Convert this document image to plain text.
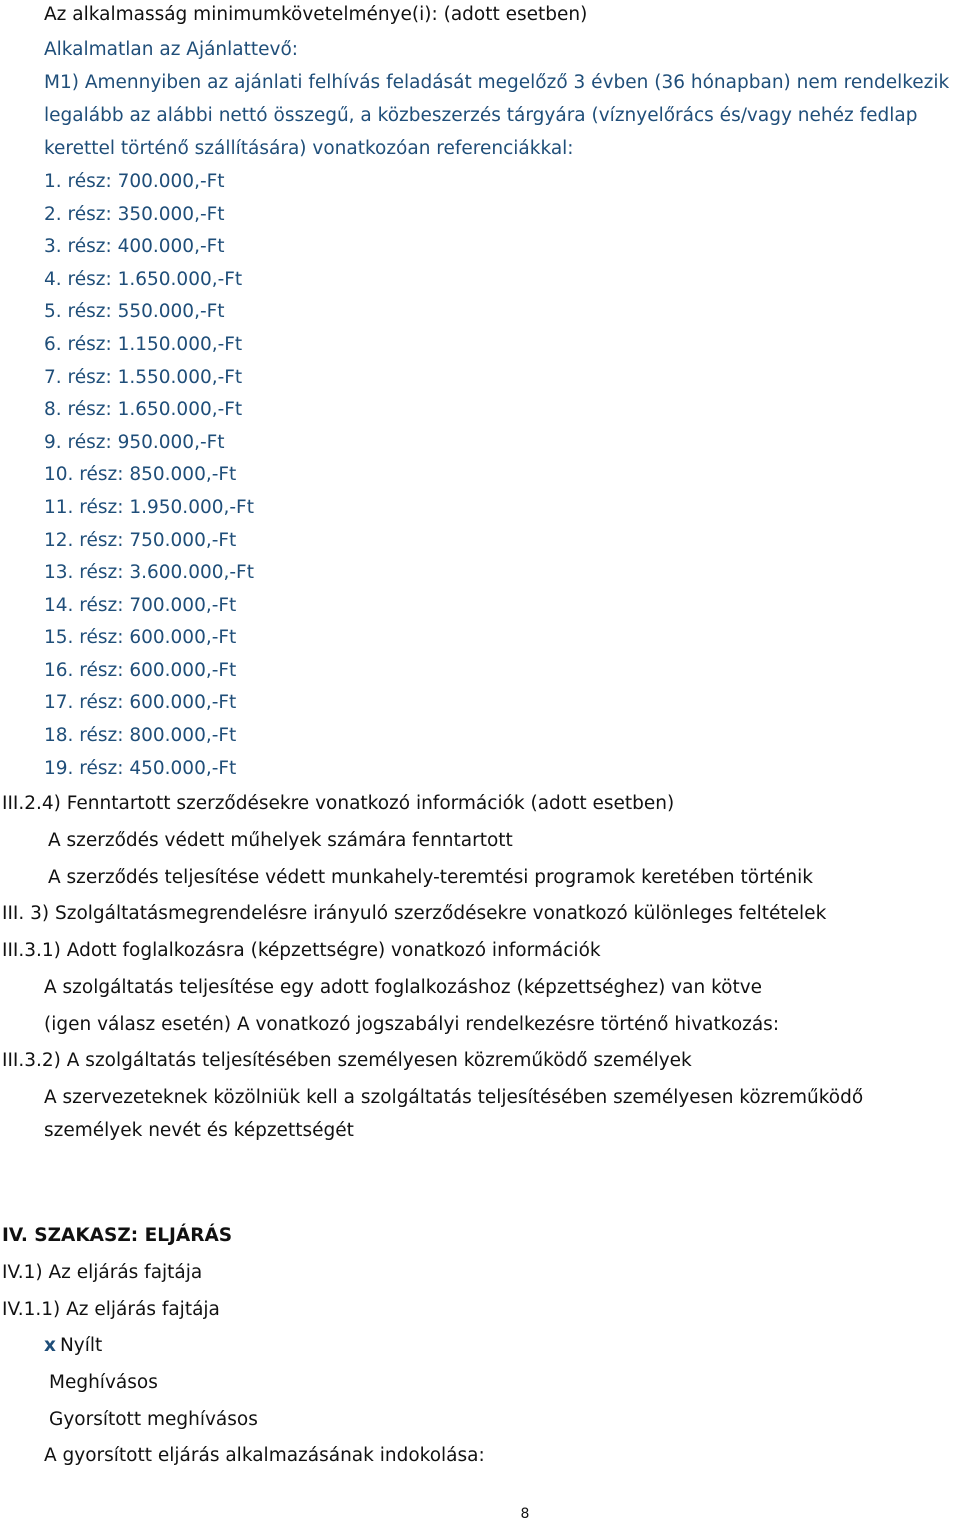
Az alkalmasság minimumkövetelménye(i): (adott esetben)
Alkalmatlan az Ajánlattevő:
M1) Amennyiben az ajánlati felhívás feladását megelőző 3 évben (36 hónapban) nem rendelkezik
legalább az alábbi nettó összegű, a közbeszerzés tárgyára (víznyelőrács és/vagy nehéz fedlap
kerettel történő szállítására) vonatkozóan referenciákkal:
1. rész: 700.000,-Ft
2. rész: 350.000,-Ft
3. rész: 400.000,-Ft
4. rész: 1.650.000,-Ft
5. rész: 550.000,-Ft
6. rész: 1.150.000,-Ft
7. rész: 1.550.000,-Ft
8. rész: 1.650.000,-Ft
9. rész: 950.000,-Ft
10. rész: 850.000,-Ft
11. rész: 1.950.000,-Ft
12. rész: 750.000,-Ft
13. rész: 3.600.000,-Ft
14. rész: 700.000,-Ft
15. rész: 600.000,-Ft
16. rész: 600.000,-Ft
17. rész: 600.000,-Ft
18. rész: 800.000,-Ft
19. rész: 450.000,-Ft
III.2.4) Fenntartott szerződésekre vonatkozó információk (adott esetben)
A szerződés védett műhelyek számára fenntartott
A szerződés teljesítése védett munkahely-teremtési programok keretében történik
III. 3) Szolgáltatásmegrendelésre irányuló szerződésekre vonatkozó különleges feltételek
III.3.1) Adott foglalkozásra (képzettségre) vonatkozó információk
A szolgáltatás teljesítése egy adott foglalkozáshoz (képzettséghez) van kötve
(igen válasz esetén) A vonatkozó jogszabályi rendelkezésre történő hivatkozás:
III.3.2) A szolgáltatás teljesítésében személyesen közreműködő személyek
A szervezeteknek közölniük kell a szolgáltatás teljesítésében személyesen közreműködő
személyek nevét és képzettségét
IV. SZAKASZ: ELJÁRÁS
IV.1) Az eljárás fajtája
IV.1.1) Az eljárás fajtája
x Nyílt
Meghívásos
Gyorsított meghívásos
A gyorsított eljárás alkalmazásának indokolása:
8
